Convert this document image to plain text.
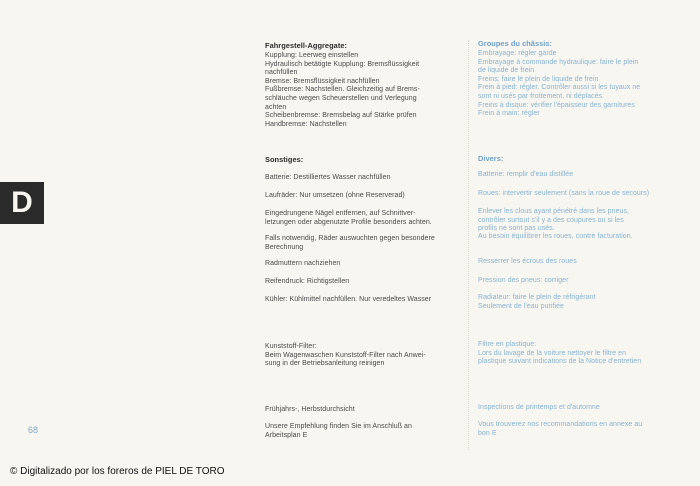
D

Fahrgestell-Aggregate:

Kupplung: Leerweg einstellen
Hydraulisch betätigte Kupplung: Bremsflüssigkeit
nachfüllen
Bremse: Bremsflüssigkeit nachfüllen
Fußbremse: Nachstellen. Gleichzeitig auf Brems-
schläuche wegen Scheuerstellen und Verlegung
achten
Scheibenbremse: Bremsbelag auf Stärke prüfen
Handbremse: Nachstellen

Sonstiges:

Batterie: Destilliertes Wasser nachfüllen

Laufräder: Nur umsetzen (ohne Reserverad)

Eingedrungene Nägel entfernen, auf Schnittver-
letzungen oder abgenutzte Profile besonders achten.

Falls notwendig, Räder auswuchten gegen besondere
Berechnung

Radmuttern nachziehen

Reifendruck: Richtigstellen

Kühler: Kühlmittel nachfüllen. Nur veredeltes Wasser

Kunststoff-Filter:
Beim Wagenwaschen Kunststoff-Filter nach Anwei-
sung in der Betriebsanleitung reinigen

Frühjahrs-, Herbstdurchsicht

Unsere Empfehlung finden Sie im Anschluß an
Arbeitsplan E

Groupes du châssis:

Embrayage: régler garde
Embrayage à commande hydraulique: faire le plein
de liquide de frein
Freins: faire le plein de liquide de frein
Frein à pied: régler. Contrôler aussi si les tuyaux ne
sont ni usés par frottement, ni déplacés
Freins à disque: vérifier l'épaisseur des garnitures
Frein à main: régler

Divers:

Batterie: remplir d'eau distillée

Roues: intervertir seulement (sans la roue de secours)

Enlever les clous ayant pénétré dans les pneus,
contrôler surtout s'il y a des coupures ou si les
profils ne sont pas usés.

Au besoin équilibrer les roues, contre facturation.

Resserrer les écrous des roues

Pression des pneus: corriger

Radiateur: faire le plein de réfrigérant
Seulement de l'eau purifiée

Filtre en plastique:
Lors du lavage de la voiture nettoyer le filtre en
plastique suivant indications de la Notice d'entretien

Inspections de printemps et d'automne

Vous trouverez nos recommandations en annexe au
bon E

68
© Digitalizado por los foreros de PIEL DE TORO
